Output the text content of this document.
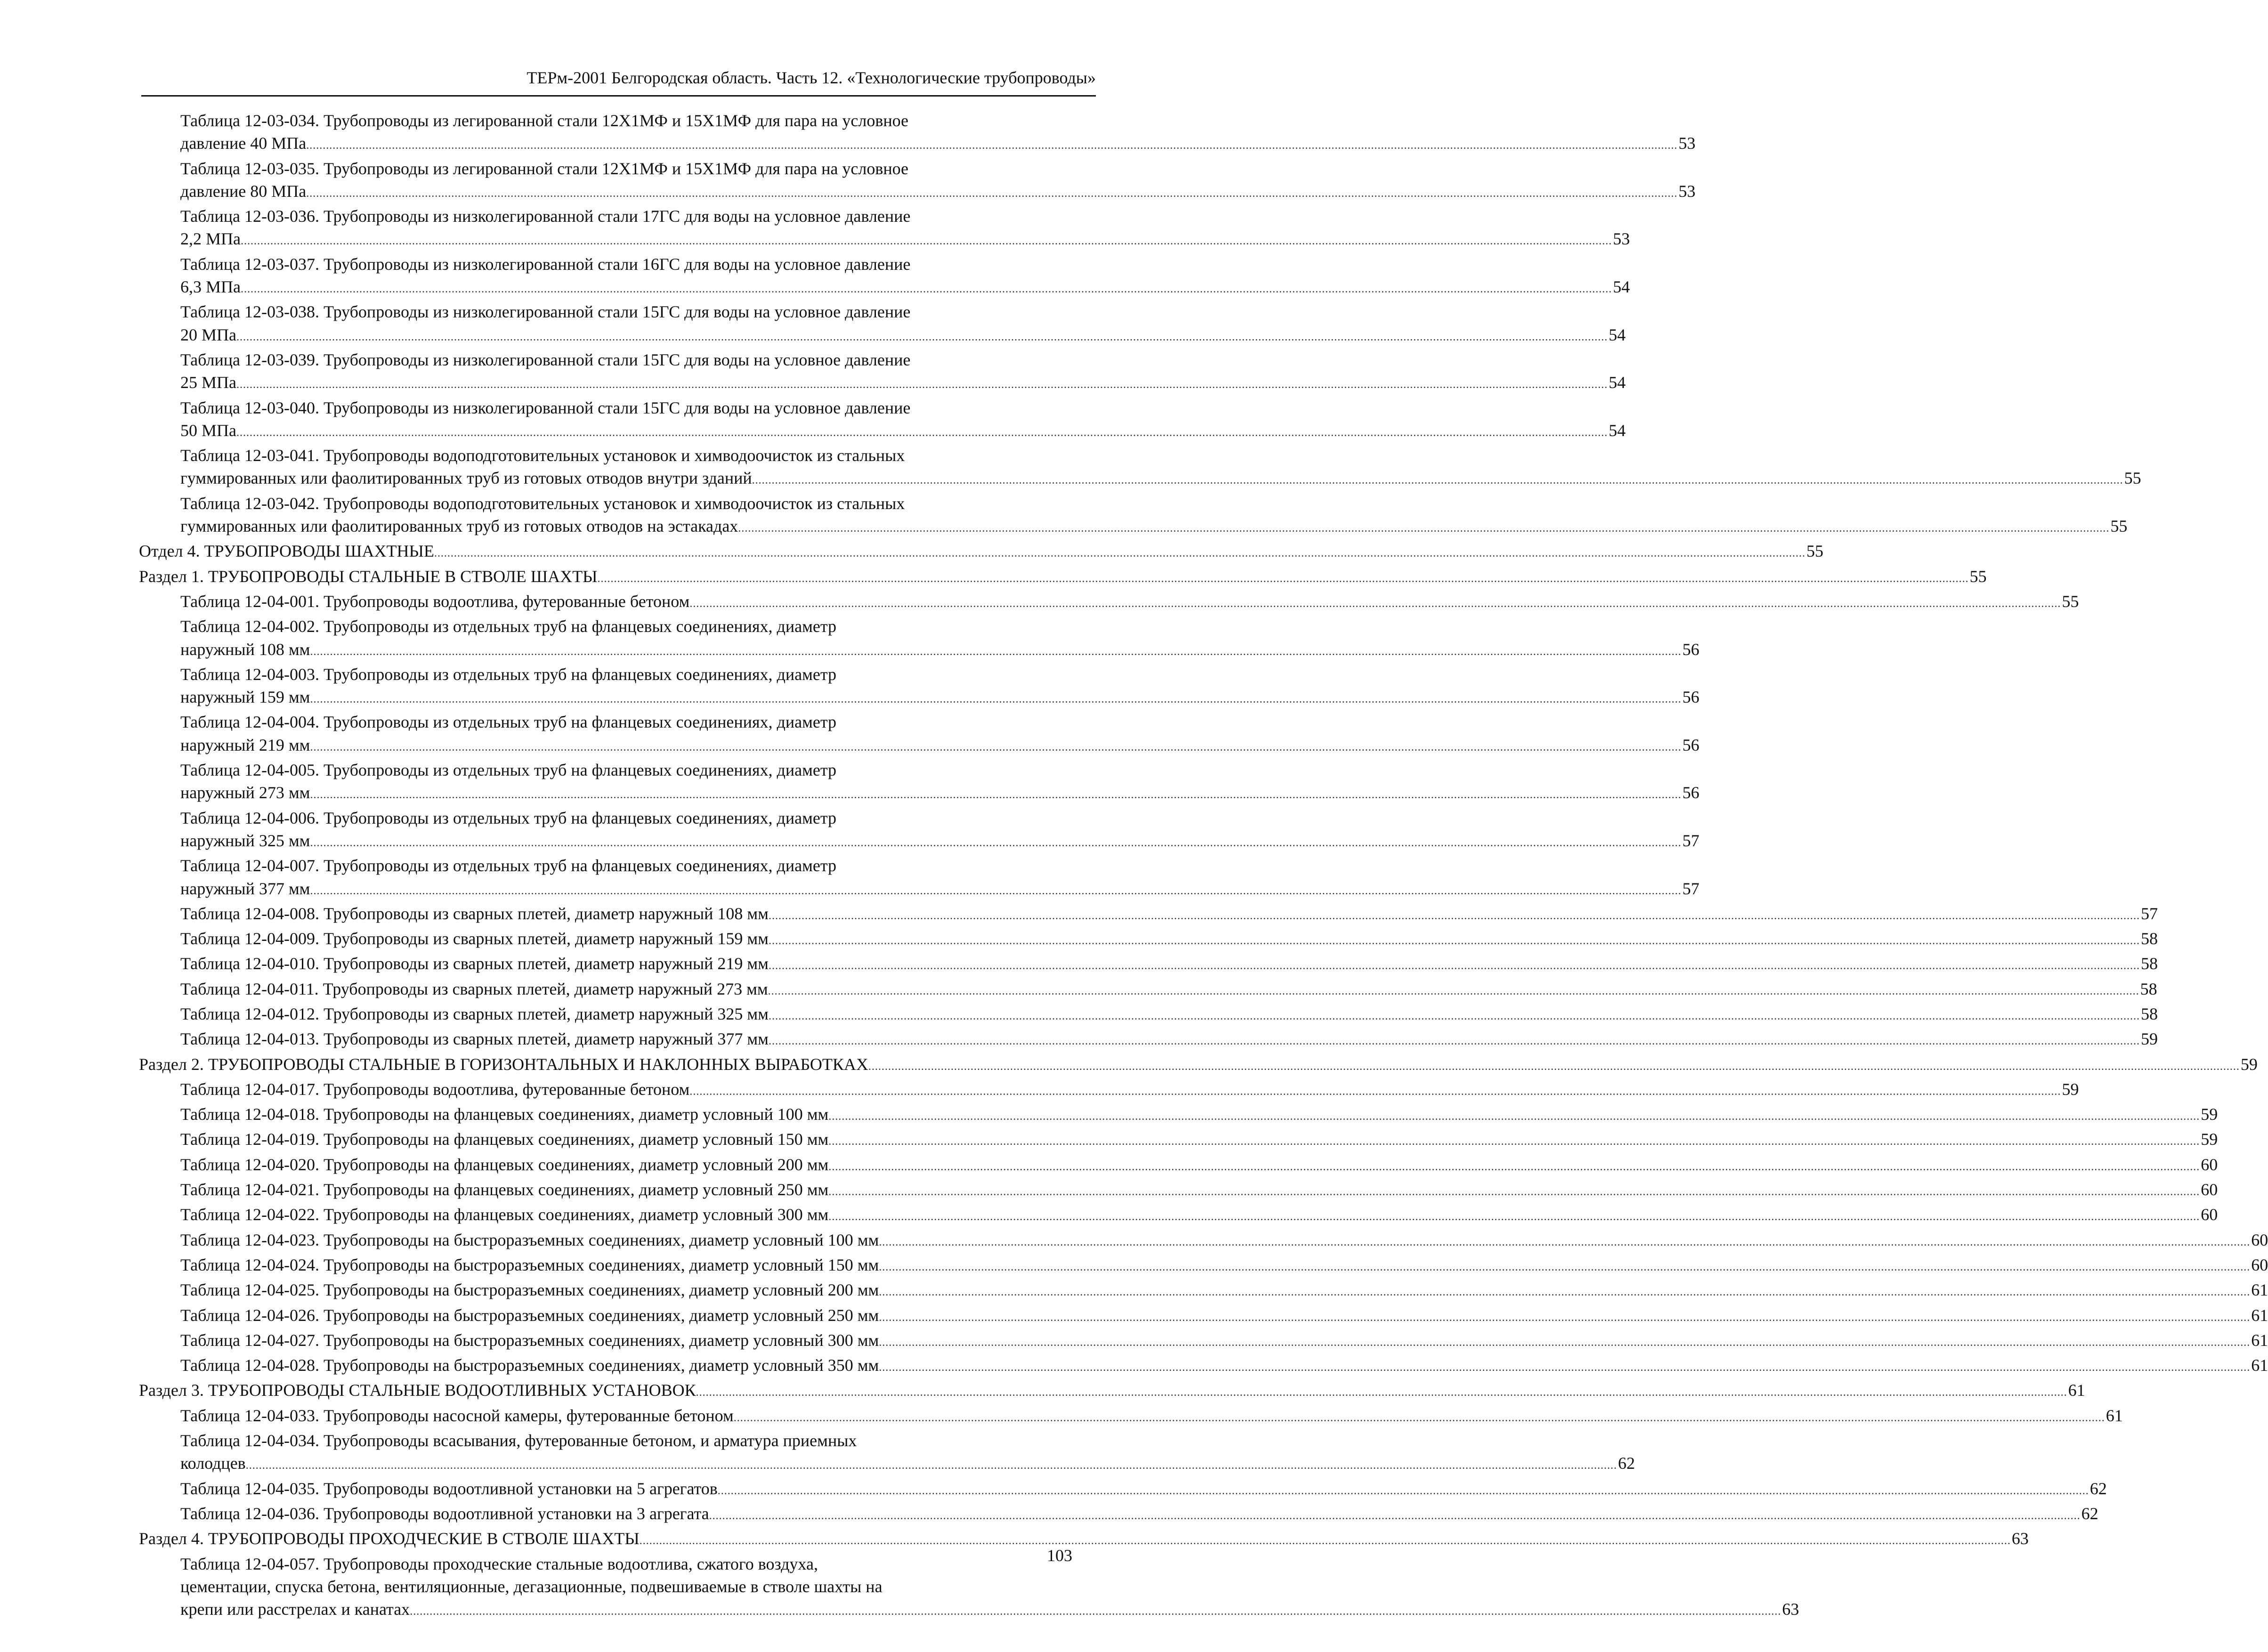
ТЕРм-2001 Белгородская область. Часть 12. «Технологические трубопроводы»
Таблица 12-03-034. Трубопроводы из легированной стали 12Х1МФ и 15Х1МФ для пара на условное
давление 40 МПа .....	53
Таблица 12-03-035. Трубопроводы из легированной стали 12Х1МФ и 15Х1МФ для пара на условное
давление 80 МПа .....	53
Таблица 12-03-036. Трубопроводы из низколегированной стали 17ГС для воды на условное давление
2,2 МПа .....	53
Таблица 12-03-037. Трубопроводы из низколегированной стали 16ГС для воды на условное давление
6,3 МПа .....	54
Таблица 12-03-038. Трубопроводы из низколегированной стали 15ГС для воды на условное давление
20 МПа .....	54
Таблица 12-03-039. Трубопроводы из низколегированной стали 15ГС для воды на условное давление
25 МПа .....	54
Таблица 12-03-040. Трубопроводы из низколегированной стали 15ГС для воды на условное давление
50 МПа .....	54
Таблица 12-03-041. Трубопроводы водоподготовительных установок и химводоочисток из стальных
гуммированных или фаолитированных труб из готовых отводов внутри зданий .....	55
Таблица 12-03-042. Трубопроводы водоподготовительных установок и химводоочисток из стальных
гуммированных или фаолитированных труб из готовых отводов на эстакадах .....	55
Отдел 4. ТРУБОПРОВОДЫ ШАХТНЫЕ .....	55
Раздел 1. ТРУБОПРОВОДЫ СТАЛЬНЫЕ В СТВОЛЕ ШАХТЫ .....	55
Таблица 12-04-001. Трубопроводы водоотлива, футерованные бетоном .....	55
Таблица 12-04-002. Трубопроводы из отдельных труб на фланцевых соединениях, диаметр
наружный 108 мм .....	56
Таблица 12-04-003. Трубопроводы из отдельных труб на фланцевых соединениях, диаметр
наружный 159 мм .....	56
Таблица 12-04-004. Трубопроводы из отдельных труб на фланцевых соединениях, диаметр
наружный 219 мм .....	56
Таблица 12-04-005. Трубопроводы из отдельных труб на фланцевых соединениях, диаметр
наружный 273 мм .....	56
Таблица 12-04-006. Трубопроводы из отдельных труб на фланцевых соединениях, диаметр
наружный 325 мм .....	57
Таблица 12-04-007. Трубопроводы из отдельных труб на фланцевых соединениях, диаметр
наружный 377 мм .....	57
Таблица 12-04-008. Трубопроводы из сварных плетей, диаметр наружный 108 мм .....	57
Таблица 12-04-009. Трубопроводы из сварных плетей, диаметр наружный 159 мм .....	58
Таблица 12-04-010. Трубопроводы из сварных плетей, диаметр наружный 219 мм .....	58
Таблица 12-04-011. Трубопроводы из сварных плетей, диаметр наружный 273 мм .....	58
Таблица 12-04-012. Трубопроводы из сварных плетей, диаметр наружный 325 мм .....	58
Таблица 12-04-013. Трубопроводы из сварных плетей, диаметр наружный 377 мм .....	59
Раздел 2. ТРУБОПРОВОДЫ СТАЛЬНЫЕ В ГОРИЗОНТАЛЬНЫХ И НАКЛОННЫХ ВЫРАБОТКАХ .....	59
Таблица 12-04-017. Трубопроводы водоотлива, футерованные бетоном .....	59
Таблица 12-04-018. Трубопроводы на фланцевых соединениях, диаметр условный 100 мм .....	59
Таблица 12-04-019. Трубопроводы на фланцевых соединениях, диаметр условный 150 мм .....	59
Таблица 12-04-020. Трубопроводы на фланцевых соединениях, диаметр условный 200 мм .....	60
Таблица 12-04-021. Трубопроводы на фланцевых соединениях, диаметр условный 250 мм .....	60
Таблица 12-04-022. Трубопроводы на фланцевых соединениях, диаметр условный 300 мм .....	60
Таблица 12-04-023. Трубопроводы на быстроразъемных соединениях, диаметр условный 100 мм .....	60
Таблица 12-04-024. Трубопроводы на быстроразъемных соединениях, диаметр условный 150 мм .....	60
Таблица 12-04-025. Трубопроводы на быстроразъемных соединениях, диаметр условный 200 мм .....	61
Таблица 12-04-026. Трубопроводы на быстроразъемных соединениях, диаметр условный 250 мм .....	61
Таблица 12-04-027. Трубопроводы на быстроразъемных соединениях, диаметр условный 300 мм .....	61
Таблица 12-04-028. Трубопроводы на быстроразъемных соединениях, диаметр условный 350 мм .....	61
Раздел 3. ТРУБОПРОВОДЫ СТАЛЬНЫЕ ВОДООТЛИВНЫХ УСТАНОВОК .....	61
Таблица 12-04-033. Трубопроводы насосной камеры, футерованные бетоном .....	61
Таблица 12-04-034. Трубопроводы всасывания, футерованные бетоном, и арматура приемных
колодцев .....	62
Таблица 12-04-035. Трубопроводы водоотливной установки на 5 агрегатов .....	62
Таблица 12-04-036. Трубопроводы водоотливной установки на 3 агрегата .....	62
Раздел 4. ТРУБОПРОВОДЫ ПРОХОДЧЕСКИЕ В СТВОЛЕ ШАХТЫ .....	63
Таблица 12-04-057. Трубопроводы проходческие стальные водоотлива, сжатого воздуха,
цементации, спуска бетона, вентиляционные, дегазационные, подвешиваемые в стволе шахты на
крепи или расстрелах и канатах .....	63
103
